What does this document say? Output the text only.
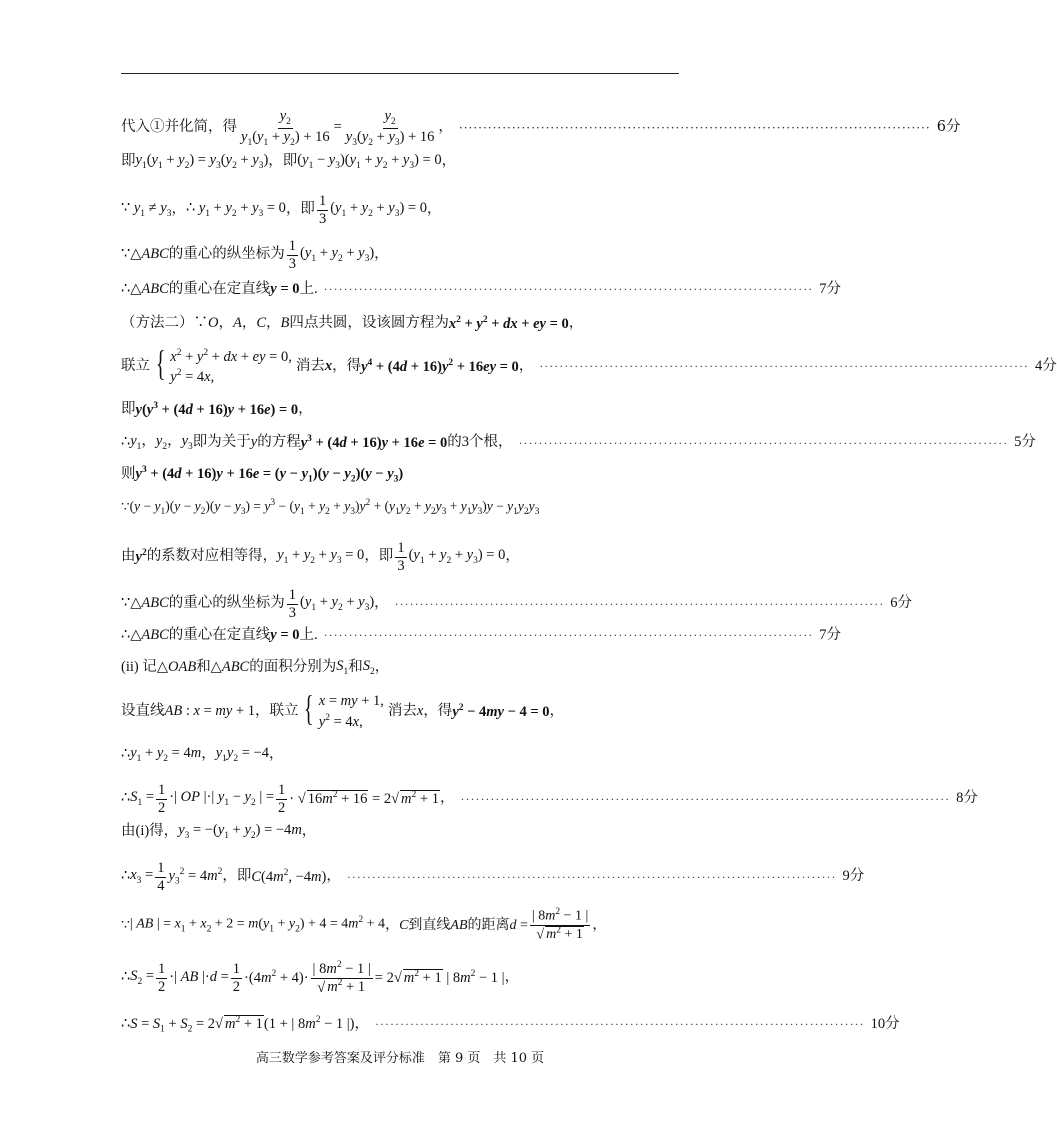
代入①并化简，得 $\frac{y_2}{y_1(y_1 + y_2) + 16} = \frac{y_2}{y_3(y_2 + y_3) + 16}$ ， ·································································································· 6分
即 $y_1(y_1 + y_2) = y_3(y_2 + y_3)$ ，即 $(y_1 - y_3)(y_1 + y_2 + y_3) = 0$ ，
∵ $y_1 \ne y_3$ ， ∴ $y_1 + y_2 + y_3 = 0$ ，即 $\frac{1}{3} (y_1 + y_2 + y_3) = 0$ ，
∵△ ABC 的重心的纵坐标为 $\frac{1}{3} (y_1 + y_2 + y_3)$ ，
∴△ ABC 的重心在定直线 y = 0 上. ·································································································· 7分
（方法二）∵ O，A，C，B 四点共圆，设该圆方程为 $x^2 + y^2$ + dx + ey = 0 ，
联立 { $x^2 + y^2$ + dx + ey = 0,
$y^2 = 4x$,
消去 x ，得 $y^4 + (4d + 16)y^2 + 16ey = 0$ ， ·································································································· 4分
即 $y(y^3 + (4d + 16)y + 16e) = 0$ ，
∴ $y_1$，$y_2$，$y_3$ 即为关于 y 的方程 $y^3 + (4d + 16)y + 16e = 0$ 的3个根， ·································································································· 5分
则 $y^3 + (4d + 16)y + 16e = (y - y_1)(y - y_2)(y - y_3)$
∵ $(y - y_1)(y - y_2)(y - y_3) = y^3 - (y_1 + y_2 + y_3)y^2 + (y_1y_2 + y_2y_3 + y_1y_3)y - y_1y_2y_3$
由 $y^2$ 的系数对应相等得， $y_1 + y_2 + y_3 = 0$ ，即 $\frac{1}{3} (y_1 + y_2 + y_3) = 0$ ，
∵△ ABC 的重心的纵坐标为 $\frac{1}{3} (y_1 + y_2 + y_3)$ ， ·································································································· 6分
∴△ ABC 的重心在定直线 y = 0 上. ·································································································· 7分
(ii) 记△ OAB 和△ ABC 的面积分别为 $S_1$ 和 $S_2$ ，
设直线 AB : x = my + 1 ，联立 { x = my + 1,
$y^2 = 4x$,
消去 x ，得 $y^2 - 4my - 4 = 0$ ，
∴ $y_1 + y_2 = 4m$ ， $y_1y_2 = -4$ ，
∴ $S_1 = \frac{1}{2}$ ·| OP |·| $y_1 - y_2$ | = $\frac{1}{2}$ · √ $16m^2 + 16 = 2√$ $m^2 + 1$ ， ·································································································· 8分
由(i)得， $y_3 = -(y_1 + y_2) = -4m$ ，
∴ $x_3 = \frac{1}{4} y_3^2 = 4m^2$ ，即 $C(4m^2$, −4m) ， ·································································································· 9分
∵ | AB | = $x_1 + x_2 + 2 = m(y_1 + y_2) + 4 = 4m^2 + 4$ ， C 到直线 AB 的距离 $d = \frac{| 8m^2 - 1 |}{√ m^2 + 1}$ ，
∴ $S_2 = \frac{1}{2}$ ·| AB $|\cdot d = \frac{1}{2} \cdot(4m^2 + 4)\cdot \frac{| 8m^2 - 1 |}{√ m^2 + 1} = 2√$ $m^2 + 1$ | $8m^2 - 1$ | ，
∴ $S = S_1 + S_2 = 2√$ $m^2 + 1(1$ + | $8m^2 - 1$ |) ， ·································································································· 10分
高三数学参考答案及评分标准　第 9 页　共 10 页
